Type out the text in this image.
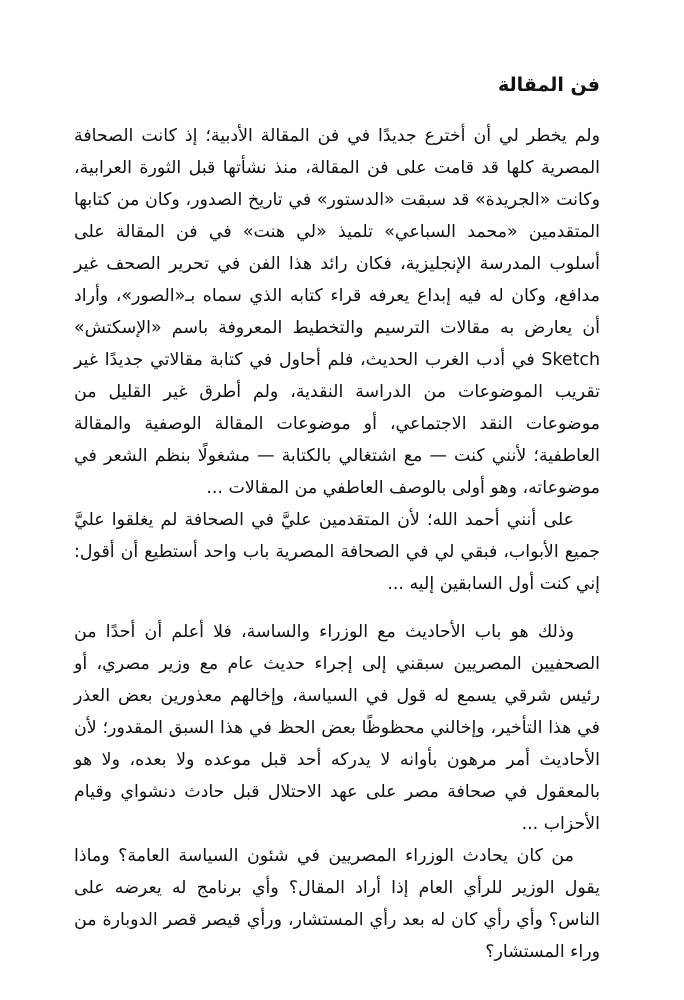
فن المقالة

ولم يخطر لي أن أخترع جديدًا في فن المقالة الأدبية؛ إذ كانت الصحافة المصرية كلها قد قامت على فن المقالة، منذ نشأتها قبل الثورة العرابية، وكانت «الجريدة» قد سبقت «الدستور» في تاريخ الصدور، وكان من كتابها المتقدمين «محمد السباعي» تلميذ «لي هنت» في فن المقالة على أسلوب المدرسة الإنجليزية، فكان رائد هذا الفن في تحرير الصحف غير مدافع، وكان له فيه إبداع يعرفه قراء كتابه الذي سماه بـ«الصور»، وأراد أن يعارض به مقالات الترسيم والتخطيط المعروفة باسم «الإسكتش» Sketch في أدب الغرب الحديث، فلم أحاول في كتابة مقالاتي جديدًا غير تقريب الموضوعات من الدراسة النقدية، ولم أطرق غير القليل من موضوعات النقد الاجتماعي، أو موضوعات المقالة الوصفية والمقالة العاطفية؛ لأنني كنت — مع اشتغالي بالكتابة — مشغولًا بنظم الشعر في موضوعاته، وهو أولى بالوصف العاطفي من المقالات ...

على أنني أحمد الله؛ لأن المتقدمين عليَّ في الصحافة لم يغلقوا عليَّ جميع الأبواب، فبقي لي في الصحافة المصرية باب واحد أستطيع أن أقول: إني كنت أول السابقين إليه ...

وذلك هو باب الأحاديث مع الوزراء والساسة، فلا أعلم أن أحدًا من الصحفيين المصريين سبقني إلى إجراء حديث عام مع وزير مصري، أو رئيس شرقي يسمع له قول في السياسة، وإخالهم معذورين بعض العذر في هذا التأخير، وإخالني محظوظًا بعض الحظ في هذا السبق المقدور؛ لأن الأحاديث أمر مرهون بأوانه لا يدركه أحد قبل موعده ولا بعده، ولا هو بالمعقول في صحافة مصر على عهد الاحتلال قبل حادث دنشواي وقيام الأحزاب ...

من كان يحادث الوزراء المصريين في شئون السياسة العامة؟ وماذا يقول الوزير للرأي العام إذا أراد المقال؟ وأي برنامج له يعرضه على الناس؟ وأي رأي كان له بعد رأي المستشار، ورأي قيصر قصر الدوبارة من وراء المستشار؟
